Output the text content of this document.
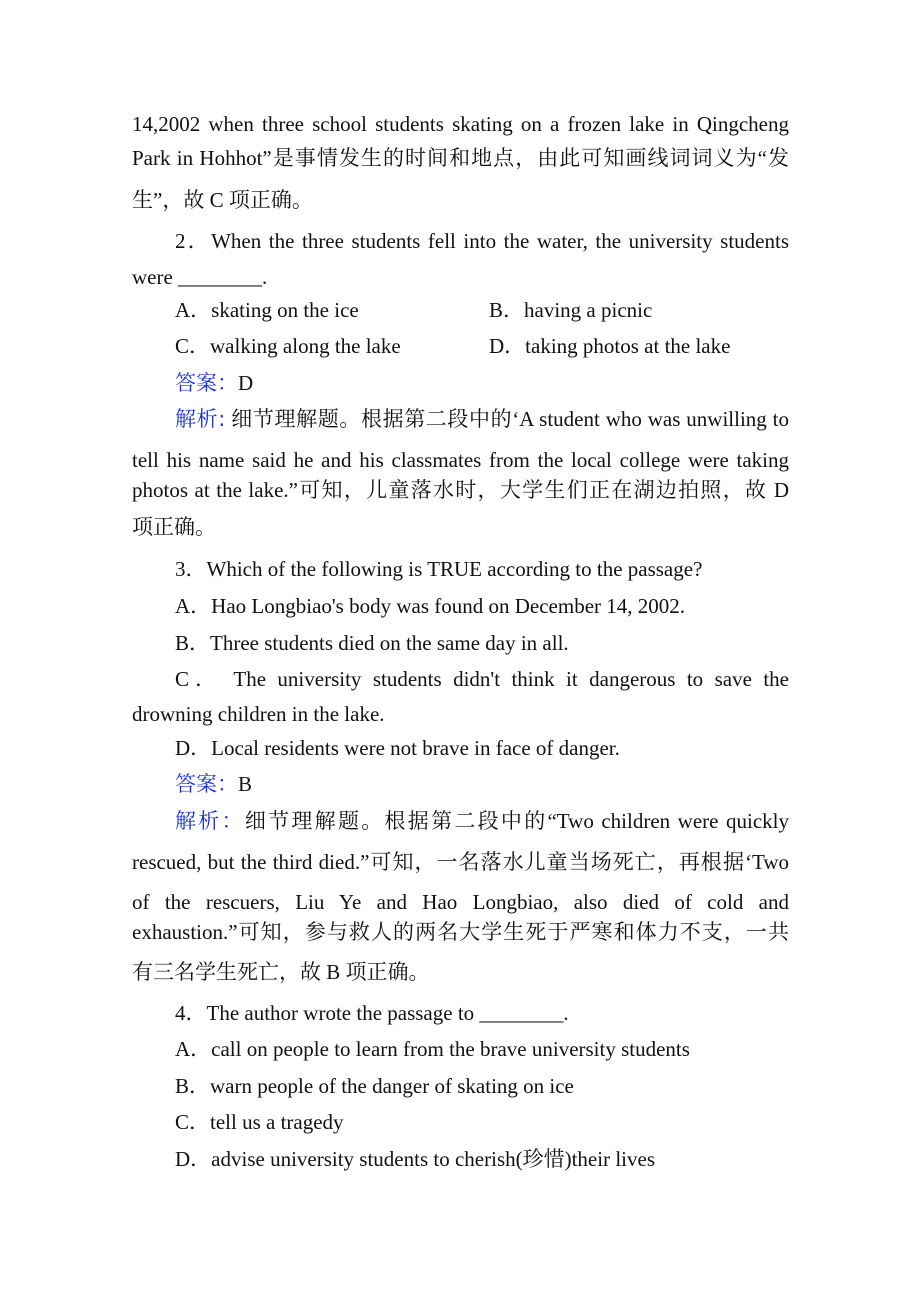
14,2002 when three school students skating on a frozen lake in Qingcheng
Park in Hohhot”是事情发生的时间和地点，由此可知画线词词义为“发
生”，故 C 项正确。
2．When the three students fell into the water, the university students
were ________.
A．skating on the ice	B．having a picnic
C．walking along the lake	D．taking photos at the lake
答案：D
解析: 细节理解题。根据第二段中的‘A student who was unwilling to
tell his name said he and his classmates from the local college were taking
photos at the lake.”可知，儿童落水时，大学生们正在湖边拍照，故 D
项正确。
3．Which of the following is TRUE according to the passage?
A．Hao Longbiao's body was found on December 14, 2002.
B．Three students died on the same day in all.
C． The university students didn't think it dangerous to save the
drowning children in the lake.
D．Local residents were not brave in face of danger.
答案：B
解析：细节理解题。根据第二段中的“Two children were quickly
rescued, but the third died.”可知，一名落水儿童当场死亡，再根据‘Two
of the rescuers, Liu Ye and Hao Longbiao, also died of cold and
exhaustion.”可知，参与救人的两名大学生死于严寒和体力不支，一共
有三名学生死亡，故 B 项正确。
4．The author wrote the passage to ________.
A．call on people to learn from the brave university students
B．warn people of the danger of skating on ice
C．tell us a tragedy
D．advise university students to cherish(珍惜)their lives
